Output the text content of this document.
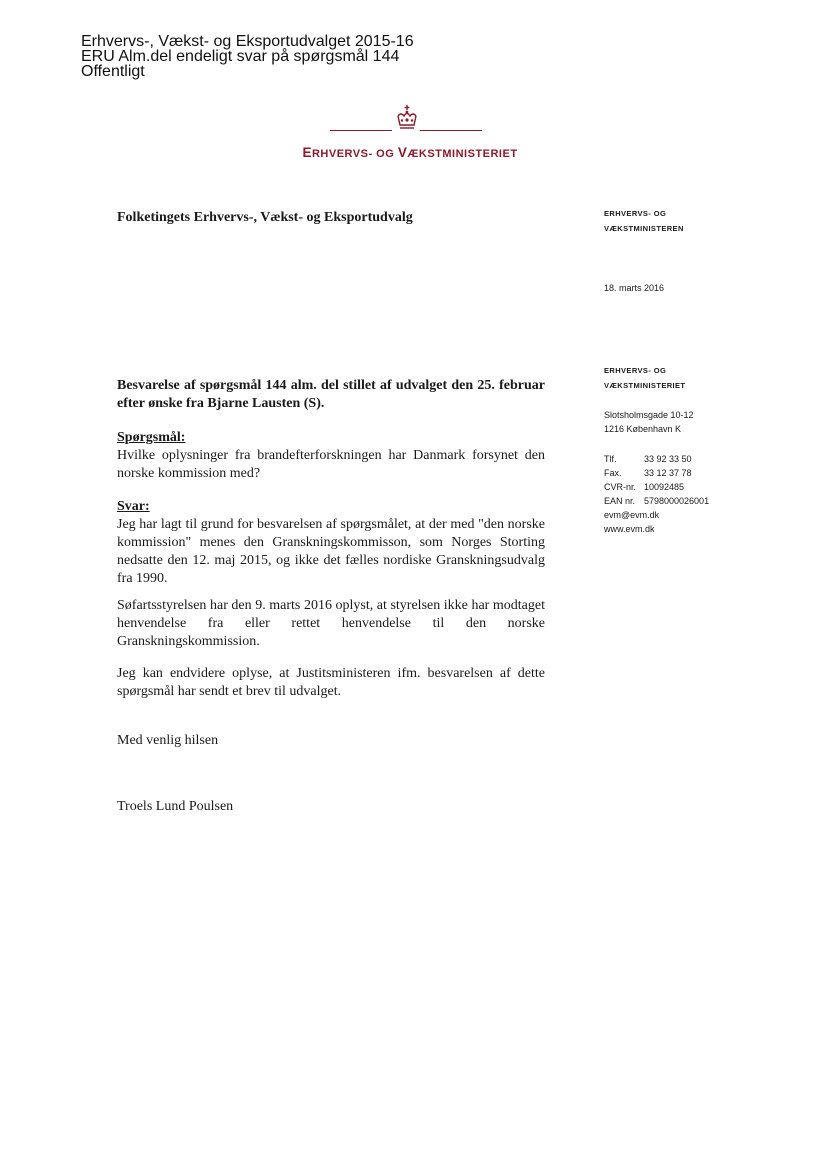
Erhvervs-, Vækst- og Eksportudvalget 2015-16
ERU Alm.del endeligt svar på spørgsmål 144
Offentligt
ERHVERVS- OG VÆKSTMINISTERIET
Folketingets Erhvervs-, Vækst- og Eksportudvalg	ERHVERVS- OG
VÆKSTMINISTEREN
18. marts 2016
ERHVERVS- OG
VÆKSTMINISTERIET
Slotsholmsgade 10-12
1216 København K
Tlf.	33 92 33 50
Fax. 33 12 37 78
CVR-nr. 10092485
EAN nr. 5798000026001
evm@evm.dk
www.evm.dk
Besvarelse af spørgsmål 144 alm. del stillet af udvalget den 25. februar efter ønske fra Bjarne Lausten (S).
Spørgsmål:
Hvilke oplysninger fra brandefterforskningen har Danmark forsynet den norske kommission med?
Svar:
Jeg har lagt til grund for besvarelsen af spørgsmålet, at der med "den norske kommission" menes den Granskningskommisson, som Norges Storting nedsatte den 12. maj 2015, og ikke det fælles nordiske Granskningsudvalg fra 1990.
Søfartsstyrelsen har den 9. marts 2016 oplyst, at styrelsen ikke har modtaget henvendelse fra eller rettet henvendelse til den norske Granskningskommission.
Jeg kan endvidere oplyse, at Justitsministeren ifm. besvarelsen af dette spørgsmål har sendt et brev til udvalget.
Med venlig hilsen
Troels Lund Poulsen
